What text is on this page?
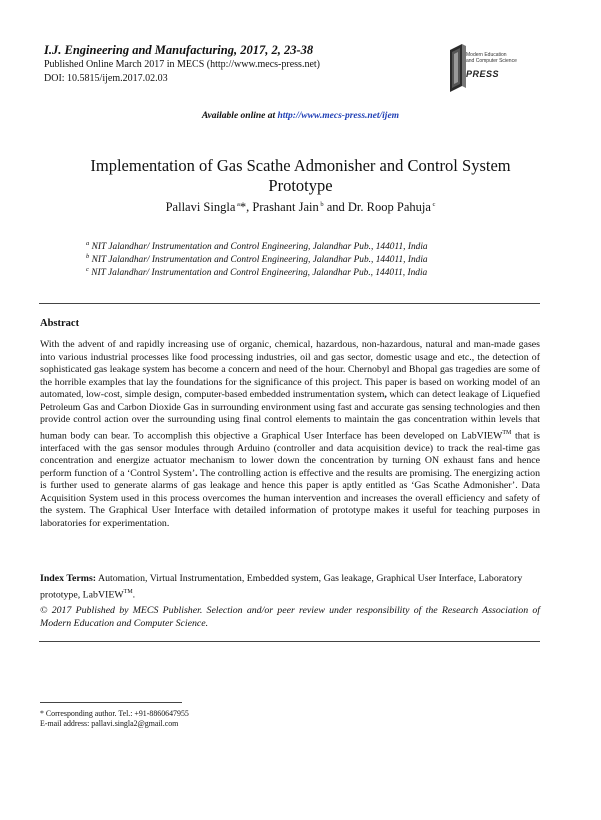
I.J. Engineering and Manufacturing, 2017, 2, 23-38
Published Online March 2017 in MECS (http://www.mecs-press.net)
DOI: 10.5815/ijem.2017.02.03
Modern Education
and Computer Science
PRESS
Available online at http://www.mecs-press.net/ijem
Implementation of Gas Scathe Admonisher and Control System
Prototype
Pallavi Singla $^a$*, Prashant Jain $^b$ and Dr. Roop Pahuja $^c$
$^a$ NIT Jalandhar/ Instrumentation and Control Engineering, Jalandhar Pub., 144011, India
$^b$ NIT Jalandhar/ Instrumentation and Control Engineering, Jalandhar Pub., 144011, India
$^c$ NIT Jalandhar/ Instrumentation and Control Engineering, Jalandhar Pub., 144011, India
Abstract

With the advent of and rapidly increasing use of organic, chemical, hazardous, non-hazardous, natural and man-made gases into various industrial processes like food processing industries, oil and gas sector, domestic usage and etc., the detection of sophisticated gas leakage system has become a concern and need of the hour. Chernobyl and Bhopal gas tragedies are some of the horrible examples that lay the foundations for the significance of this project. This paper is based on working model of an automated, low-cost, simple design, computer-based embedded instrumentation system, which can detect leakage of Liquefied Petroleum Gas and Carbon Dioxide Gas in surrounding environment using fast and accurate gas sensing technologies and then provide control action over the surrounding using final control elements to maintain the gas concentration within levels that human body can bear. To accomplish this objective a Graphical User Interface has been developed on LabVIEW™ that is interfaced with the gas sensor modules through Arduino (controller and data acquisition device) to track the real-time gas concentration and energize actuator mechanism to lower down the concentration by turning ON exhaust fans and hence perform function of a ‘Control System’. The controlling action is effective and the results are promising. The energizing action is further used to generate alarms of gas leakage and hence this paper is aptly entitled as ‘Gas Scathe Admonisher’. Data Acquisition System used in this process overcomes the human intervention and increases the overall efficiency and safety of the system. The Graphical User Interface with detailed information of prototype makes it useful for teaching purposes in laboratories for experimentation.

Index Terms: Automation, Virtual Instrumentation, Embedded system, Gas leakage, Graphical User Interface, Laboratory prototype, LabVIEW™.

© 2017 Published by MECS Publisher. Selection and/or peer review under responsibility of the Research Association of Modern Education and Computer Science.

* Corresponding author. Tel.: +91-8860647955
E-mail address: pallavi.singla2@gmail.com
